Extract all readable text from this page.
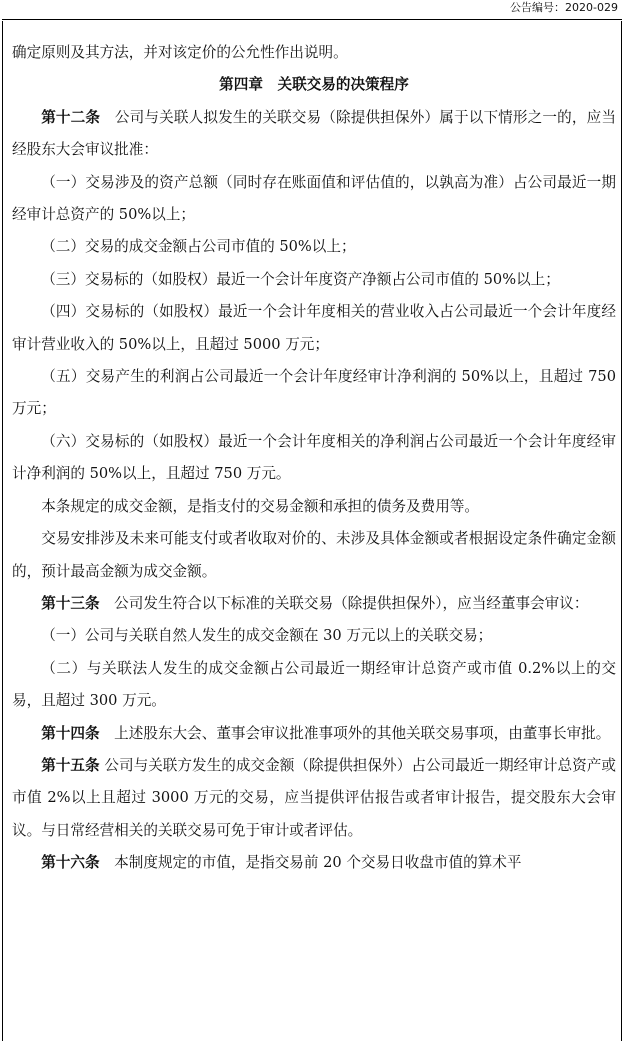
公告编号：2020-029

确定原则及其方法，并对该定价的公允性作出说明。

第四章　关联交易的决策程序

第十二条　公司与关联人拟发生的关联交易（除提供担保外）属于以下情形之一的，应当经股东大会审议批准：

（一）交易涉及的资产总额（同时存在账面值和评估值的，以孰高为准）占公司最近一期经审计总资产的 50%以上；

（二）交易的成交金额占公司市值的 50%以上；

（三）交易标的（如股权）最近一个会计年度资产净额占公司市值的 50%以上；

（四）交易标的（如股权）最近一个会计年度相关的营业收入占公司最近一个会计年度经审计营业收入的 50%以上，且超过 5000 万元；

（五）交易产生的利润占公司最近一个会计年度经审计净利润的 50%以上，且超过 750 万元；

（六）交易标的（如股权）最近一个会计年度相关的净利润占公司最近一个会计年度经审计净利润的 50%以上，且超过 750 万元。

本条规定的成交金额，是指支付的交易金额和承担的债务及费用等。

交易安排涉及未来可能支付或者收取对价的、未涉及具体金额或者根据设定条件确定金额的，预计最高金额为成交金额。

第十三条　公司发生符合以下标准的关联交易（除提供担保外），应当经董事会审议：

（一）公司与关联自然人发生的成交金额在 30 万元以上的关联交易；

（二）与关联法人发生的成交金额占公司最近一期经审计总资产或市值 0.2%以上的交易，且超过 300 万元。

第十四条　上述股东大会、董事会审议批准事项外的其他关联交易事项，由董事长审批。

第十五条 公司与关联方发生的成交金额（除提供担保外）占公司最近一期经审计总资产或市值 2%以上且超过 3000 万元的交易，应当提供评估报告或者审计报告，提交股东大会审议。与日常经营相关的关联交易可免于审计或者评估。

第十六条　本制度规定的市值，是指交易前 20 个交易日收盘市值的算术平
